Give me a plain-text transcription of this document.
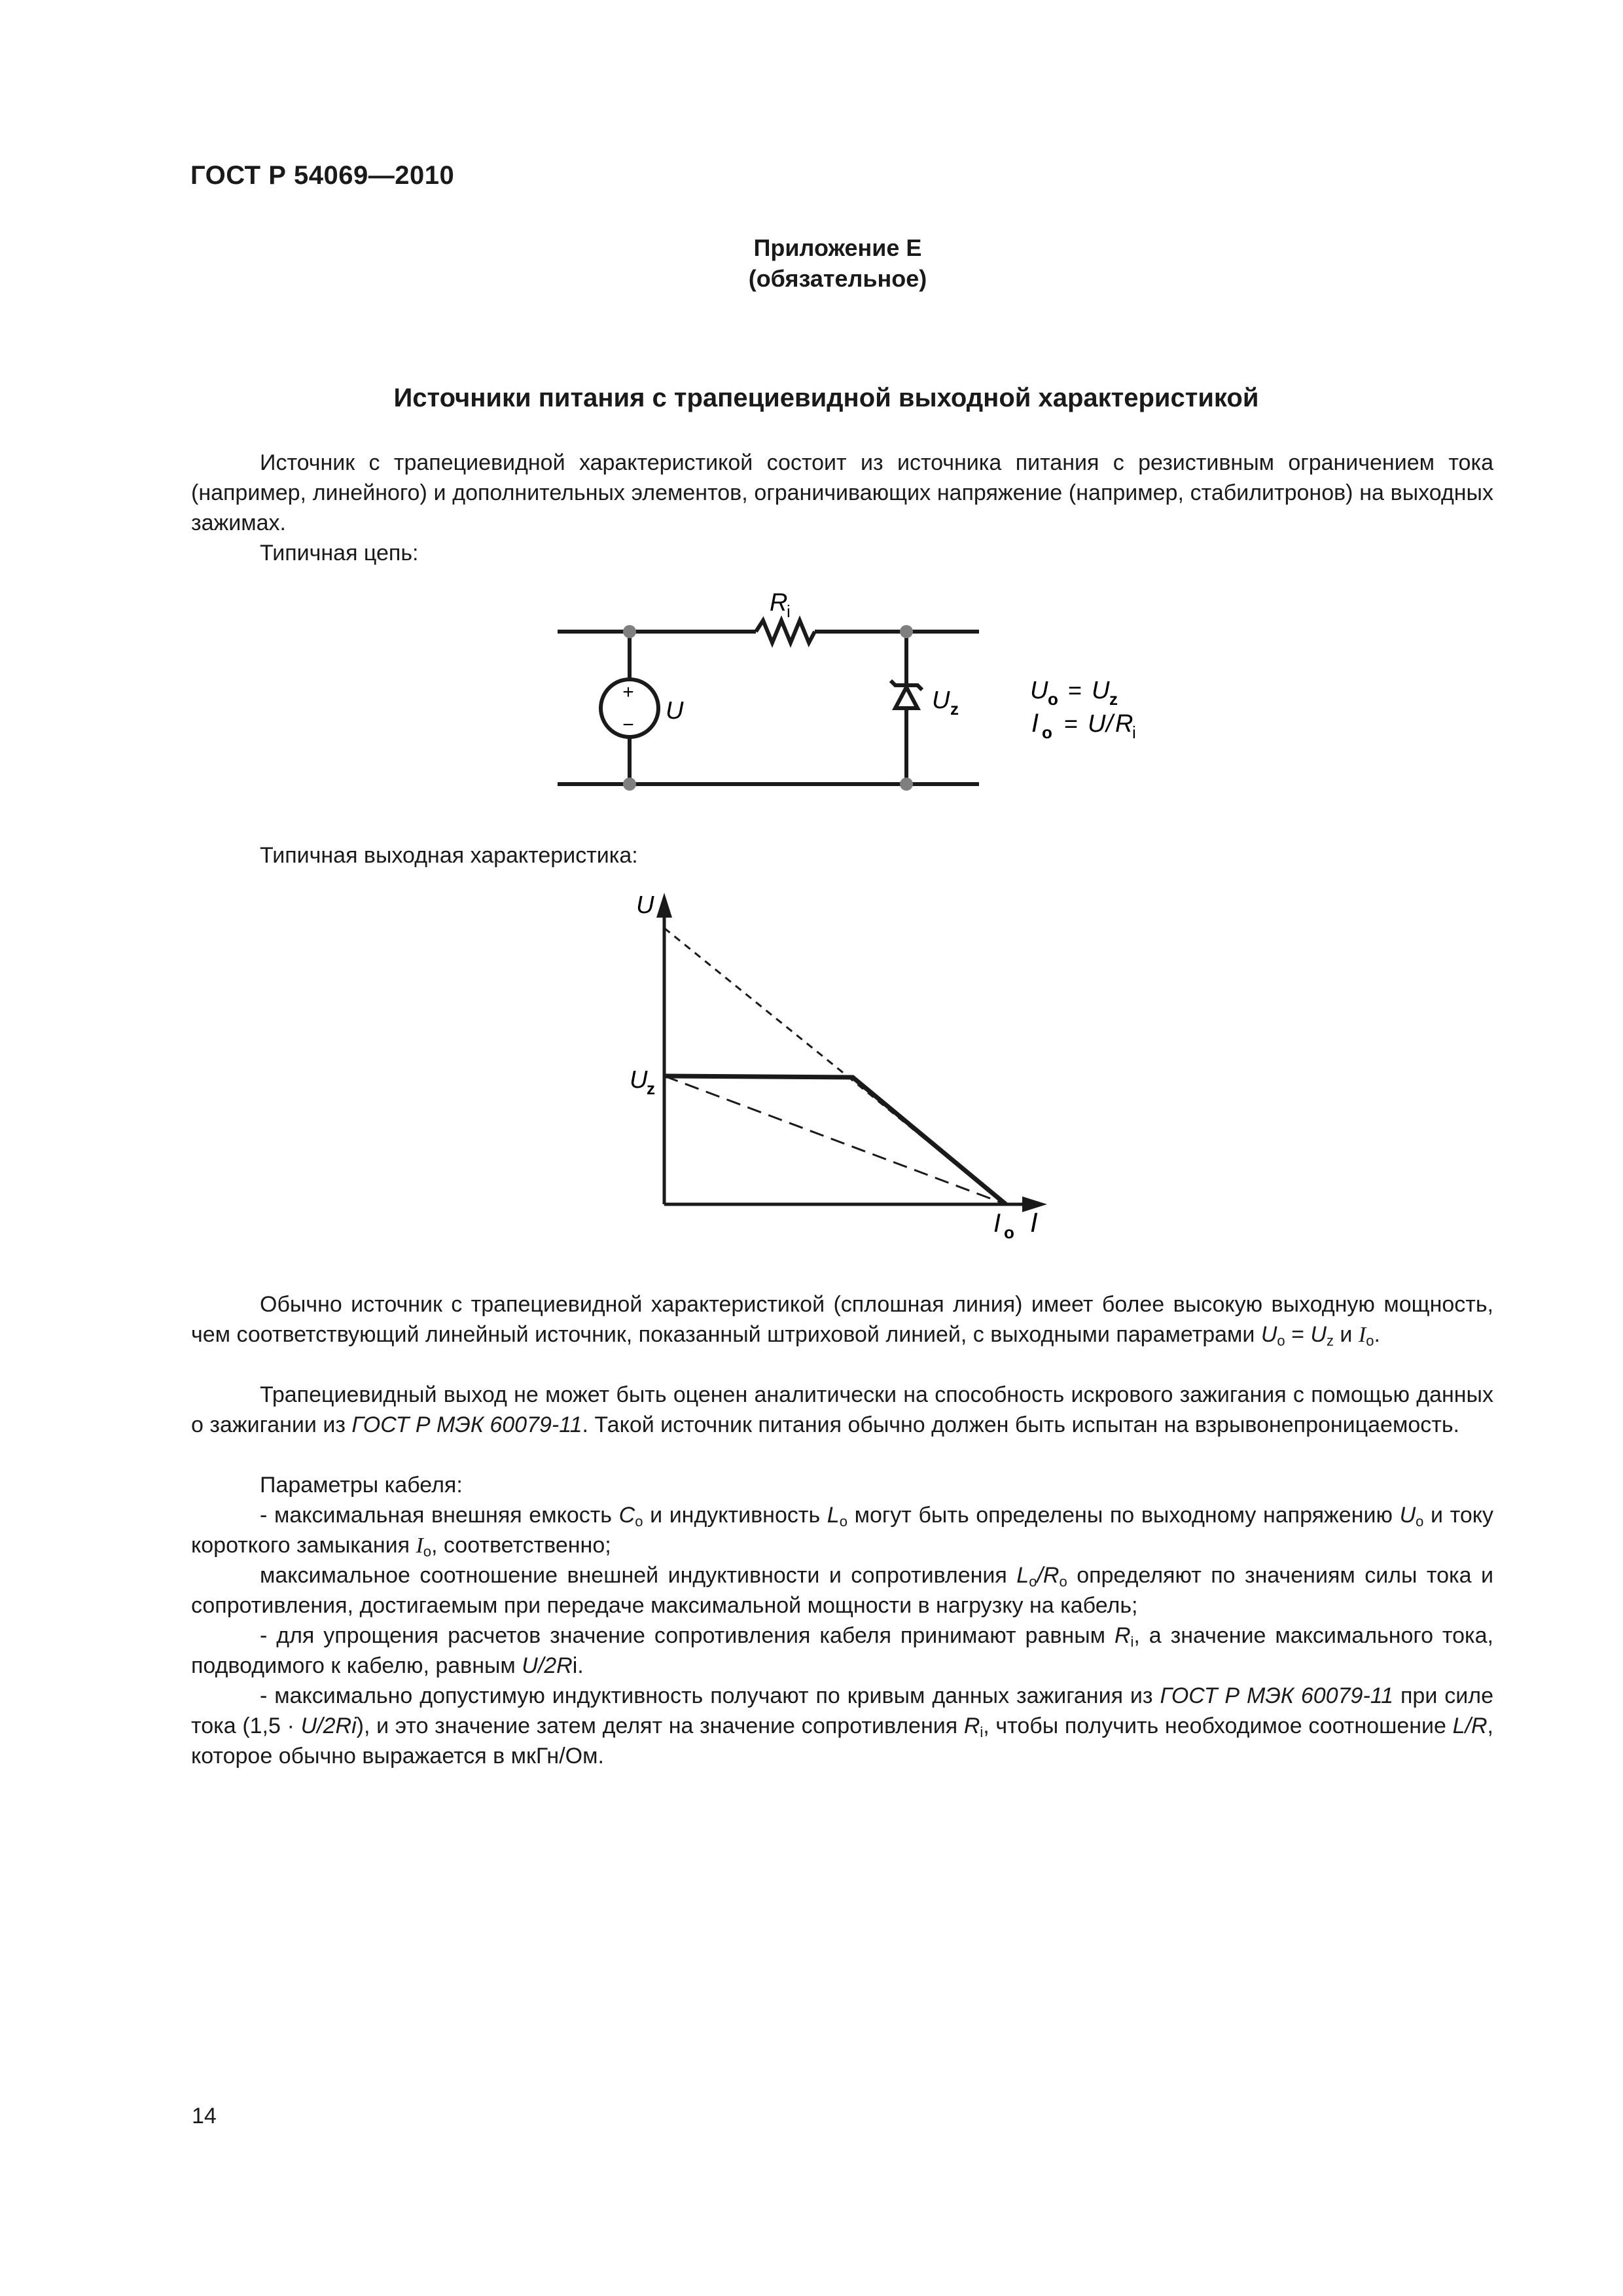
ГОСТ Р 54069—2010
Приложение Е
(обязательное)
Источники питания с трапециевидной выходной характеристикой
Источник с трапециевидной характеристикой состоит из источника питания с резистивным ограничением тока (например, линейного) и дополнительных элементов, ограничивающих напряжение (например, стабилитронов) на выходных зажимах.
Типичная цепь:
+
−
U
R
i
U z
U o = U z
I o = U / R
i
Типичная выходная характеристика:
U
U
z
I o I
Обычно источник с трапециевидной характеристикой (сплошная линия) имеет более высокую выходную мощность, чем соответствующий линейный источник, показанный штриховой линией, с выходными параметрами $U_o = U_z$ и $I_o$.
Трапециевидный выход не может быть оценен аналитически на способность искрового зажигания с помощью данных о зажигании из ГОСТ Р МЭК 60079-11. Такой источник питания обычно должен быть испытан на взрывонепроницаемость.
Параметры кабеля:
- максимальная внешняя емкость $C_o$ и индуктивность $L_o$ могут быть определены по выходному напряжению $U_o$ и току короткого замыкания $I_o$, соответственно;
максимальное соотношение внешней индуктивности и сопротивления $L_o/R_o$ определяют по значениям силы тока и сопротивления, достигаемым при передаче максимальной мощности в нагрузку на кабель;
- для упрощения расчетов значение сопротивления кабеля принимают равным $R_i$, а значение максимального тока, подводимого к кабелю, равным U/2Ri.
- максимально допустимую индуктивность получают по кривым данных зажигания из ГОСТ Р МЭК 60079-11 при силе тока (1,5 · U/2Ri), и это значение затем делят на значение сопротивления $R_i$, чтобы получить необходимое соотношение L/R, которое обычно выражается в мкГн/Ом.
14
